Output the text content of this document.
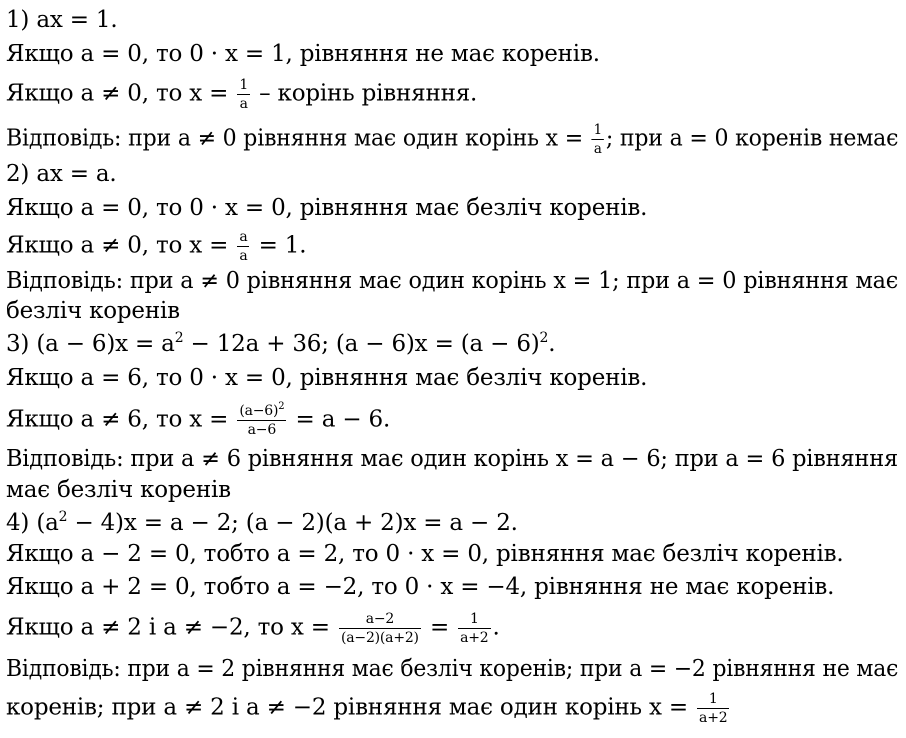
1) ax = 1.
Якщо a = 0, то 0 · x = 1, рівняння не має коренів.
Якщо a ≠ 0, то $x = \frac{1}{a}$ – корінь рівняння.
Відповідь: при a ≠ 0 рівняння має один корінь $x = \frac{1}{a}$ ; при a = 0 коренів немає
2) ax = a.
Якщо a = 0, то 0 · x = 0, рівняння має безліч коренів.
Якщо a ≠ 0, то $x = \frac{a}{a} = 1$.
Відповідь: при a ≠ 0 рівняння має один корінь x = 1; при a = 0 рівняння має
безліч коренів
3) $(a - 6)x = a^2 - 12a + 36$; $(a - 6)x = (a - 6)^2$.
Якщо a = 6, то 0 · x = 0, рівняння має безліч коренів.
Якщо a ≠ 6, то $x = \frac{(a-6)^2}{a-6} = a - 6$.
Відповідь: при a ≠ 6 рівняння має один корінь x = a − 6; при a = 6 рівняння
має безліч коренів
4) $(a^2 - 4)x = a - 2$; (a − 2)(a + 2)x = a − 2.
Якщо a − 2 = 0, тобто a = 2, то 0 · x = 0, рівняння має безліч коренів.
Якщо a + 2 = 0, тобто a = −2, то 0 · x = −4, рівняння не має коренів.
Якщо a ≠ 2 і a ≠ −2, то $x = \frac{a-2}{(a-2)(a+2)} = \frac{1}{a+2}$ .
Відповідь: при a = 2 рівняння має безліч коренів; при a = −2 рівняння не має
коренів; при a ≠ 2 і a ≠ −2 рівняння має один корінь $x = \frac{1}{a+2}$
